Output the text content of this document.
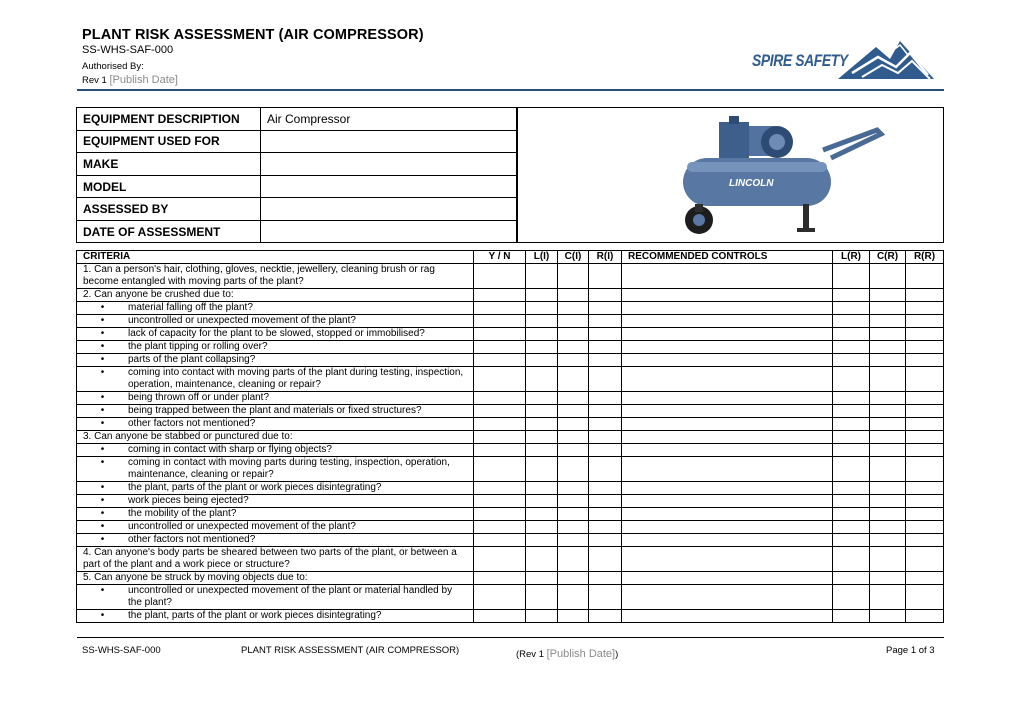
PLANT RISK ASSESSMENT (AIR COMPRESSOR)
SS-WHS-SAF-000
Authorised By:
Rev 1 [Publish Date]
SPIRE SAFETY
EQUIPMENT DESCRIPTION	Air Compressor
EQUIPMENT USED FOR	
MAKE	
MODEL	
ASSESSED BY	
DATE OF ASSESSMENT	
LINCOLN
CRITERIA	Y / N	L(I)	C(I)	R(I)	RECOMMENDED CONTROLS	L(R)	C(R)	R(R)
1. Can a person's hair, clothing, gloves, necktie, jewellery, cleaning brush or rag become entangled with moving parts of the plant?								
2. Can anyone be crushed due to:								
• material falling off the plant?								
• uncontrolled or unexpected movement of the plant?								
• lack of capacity for the plant to be slowed, stopped or immobilised?								
• the plant tipping or rolling over?								
• parts of the plant collapsing?								
• coming into contact with moving parts of the plant during testing, inspection, operation, maintenance, cleaning or repair?								
• being thrown off or under plant?								
• being trapped between the plant and materials or fixed structures?								
• other factors not mentioned?								
3. Can anyone be stabbed or punctured due to:								
• coming in contact with sharp or flying objects?								
• coming in contact with moving parts during testing, inspection, operation, maintenance, cleaning or repair?								
• the plant, parts of the plant or work pieces disintegrating?								
• work pieces being ejected?								
• the mobility of the plant?								
• uncontrolled or unexpected movement of the plant?								
• other factors not mentioned?								
4. Can anyone's body parts be sheared between two parts of the plant, or between a part of the plant and a work piece or structure?								
5. Can anyone be struck by moving objects due to:								
• uncontrolled or unexpected movement of the plant or material handled by the plant?								
• the plant, parts of the plant or work pieces disintegrating?								
SS-WHS-SAF-000	PLANT RISK ASSESSMENT (AIR COMPRESSOR)	(Rev 1 [Publish Date])	Page 1 of 3
